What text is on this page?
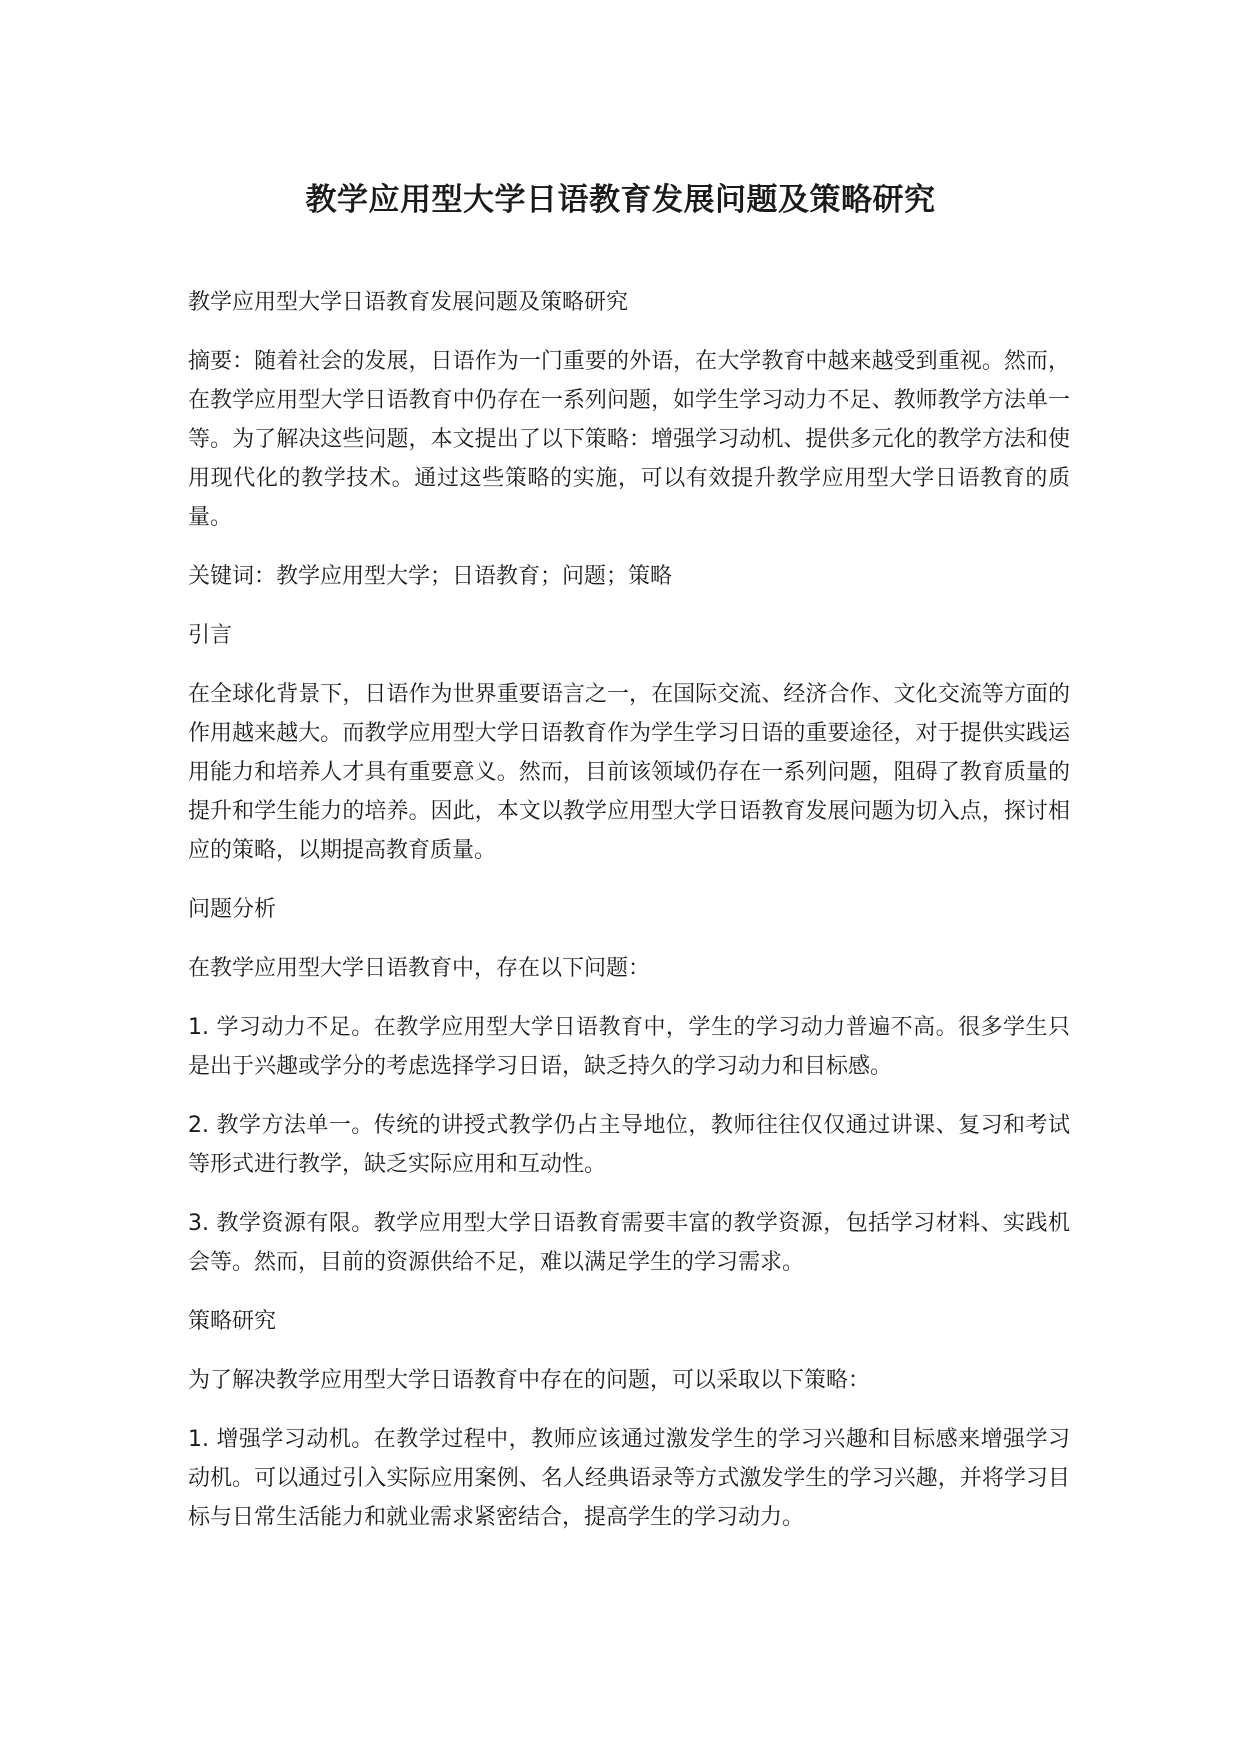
教学应用型大学日语教育发展问题及策略研究

教学应用型大学日语教育发展问题及策略研究

摘要：随着社会的发展，日语作为一门重要的外语，在大学教育中越来越受到重视。然而，在教学应用型大学日语教育中仍存在一系列问题，如学生学习动力不足、教师教学方法单一等。为了解决这些问题，本文提出了以下策略：增强学习动机、提供多元化的教学方法和使用现代化的教学技术。通过这些策略的实施，可以有效提升教学应用型大学日语教育的质量。

关键词：教学应用型大学；日语教育；问题；策略

引言

在全球化背景下，日语作为世界重要语言之一，在国际交流、经济合作、文化交流等方面的作用越来越大。而教学应用型大学日语教育作为学生学习日语的重要途径，对于提供实践运用能力和培养人才具有重要意义。然而，目前该领域仍存在一系列问题，阻碍了教育质量的提升和学生能力的培养。因此，本文以教学应用型大学日语教育发展问题为切入点，探讨相应的策略，以期提高教育质量。

问题分析

在教学应用型大学日语教育中，存在以下问题：

1. 学习动力不足。在教学应用型大学日语教育中，学生的学习动力普遍不高。很多学生只是出于兴趣或学分的考虑选择学习日语，缺乏持久的学习动力和目标感。

2. 教学方法单一。传统的讲授式教学仍占主导地位，教师往往仅仅通过讲课、复习和考试等形式进行教学，缺乏实际应用和互动性。

3. 教学资源有限。教学应用型大学日语教育需要丰富的教学资源，包括学习材料、实践机会等。然而，目前的资源供给不足，难以满足学生的学习需求。

策略研究

为了解决教学应用型大学日语教育中存在的问题，可以采取以下策略：

1. 增强学习动机。在教学过程中，教师应该通过激发学生的学习兴趣和目标感来增强学习动机。可以通过引入实际应用案例、名人经典语录等方式激发学生的学习兴趣，并将学习目标与日常生活能力和就业需求紧密结合，提高学生的学习动力。
